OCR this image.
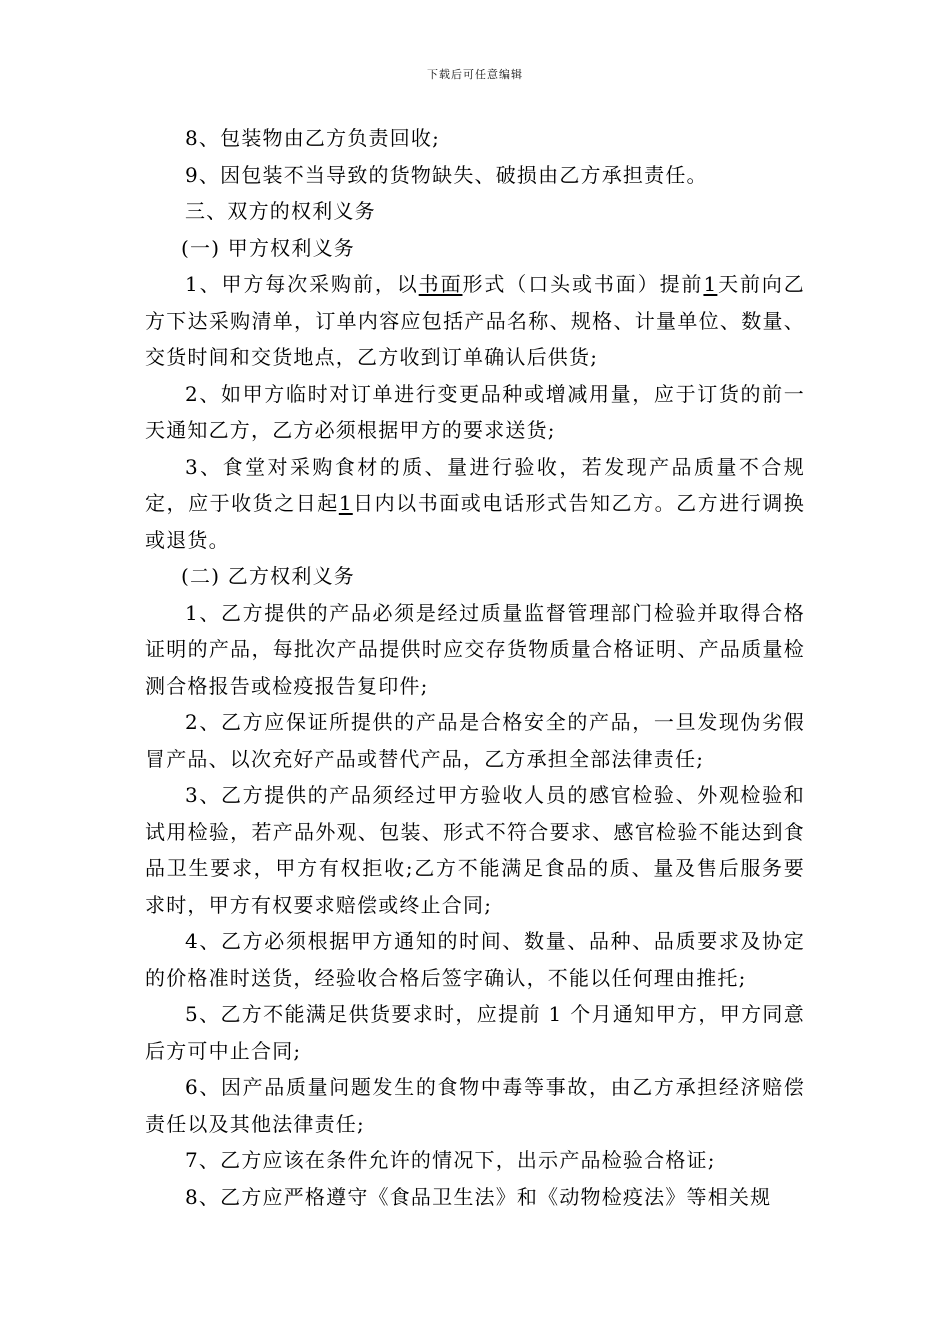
下载后可任意编辑

8、包装物由乙方负责回收;

9、因包装不当导致的货物缺失、破损由乙方承担责任。

三、双方的权利义务

(一) 甲方权利义务

1、甲方每次采购前，以书面形式（口头或书面）提前1天前向乙方下达采购清单，订单内容应包括产品名称、规格、计量单位、数量、交货时间和交货地点，乙方收到订单确认后供货;

2、如甲方临时对订单进行变更品种或增减用量，应于订货的前一天通知乙方，乙方必须根据甲方的要求送货;

3、食堂对采购食材的质、量进行验收，若发现产品质量不合规定，应于收货之日起1日内以书面或电话形式告知乙方。乙方进行调换或退货。

(二) 乙方权利义务

1、乙方提供的产品必须是经过质量监督管理部门检验并取得合格证明的产品，每批次产品提供时应交存货物质量合格证明、产品质量检测合格报告或检疫报告复印件;

2、乙方应保证所提供的产品是合格安全的产品，一旦发现伪劣假冒产品、以次充好产品或替代产品，乙方承担全部法律责任;

3、乙方提供的产品须经过甲方验收人员的感官检验、外观检验和试用检验，若产品外观、包装、形式不符合要求、感官检验不能达到食品卫生要求，甲方有权拒收;乙方不能满足食品的质、量及售后服务要求时，甲方有权要求赔偿或终止合同;

4、乙方必须根据甲方通知的时间、数量、品种、品质要求及协定的价格准时送货，经验收合格后签字确认，不能以任何理由推托;

5、乙方不能满足供货要求时，应提前 1 个月通知甲方，甲方同意后方可中止合同;

6、因产品质量问题发生的食物中毒等事故，由乙方承担经济赔偿责任以及其他法律责任;

7、乙方应该在条件允许的情况下，出示产品检验合格证;

8、乙方应严格遵守《食品卫生法》和《动物检疫法》等相关规
